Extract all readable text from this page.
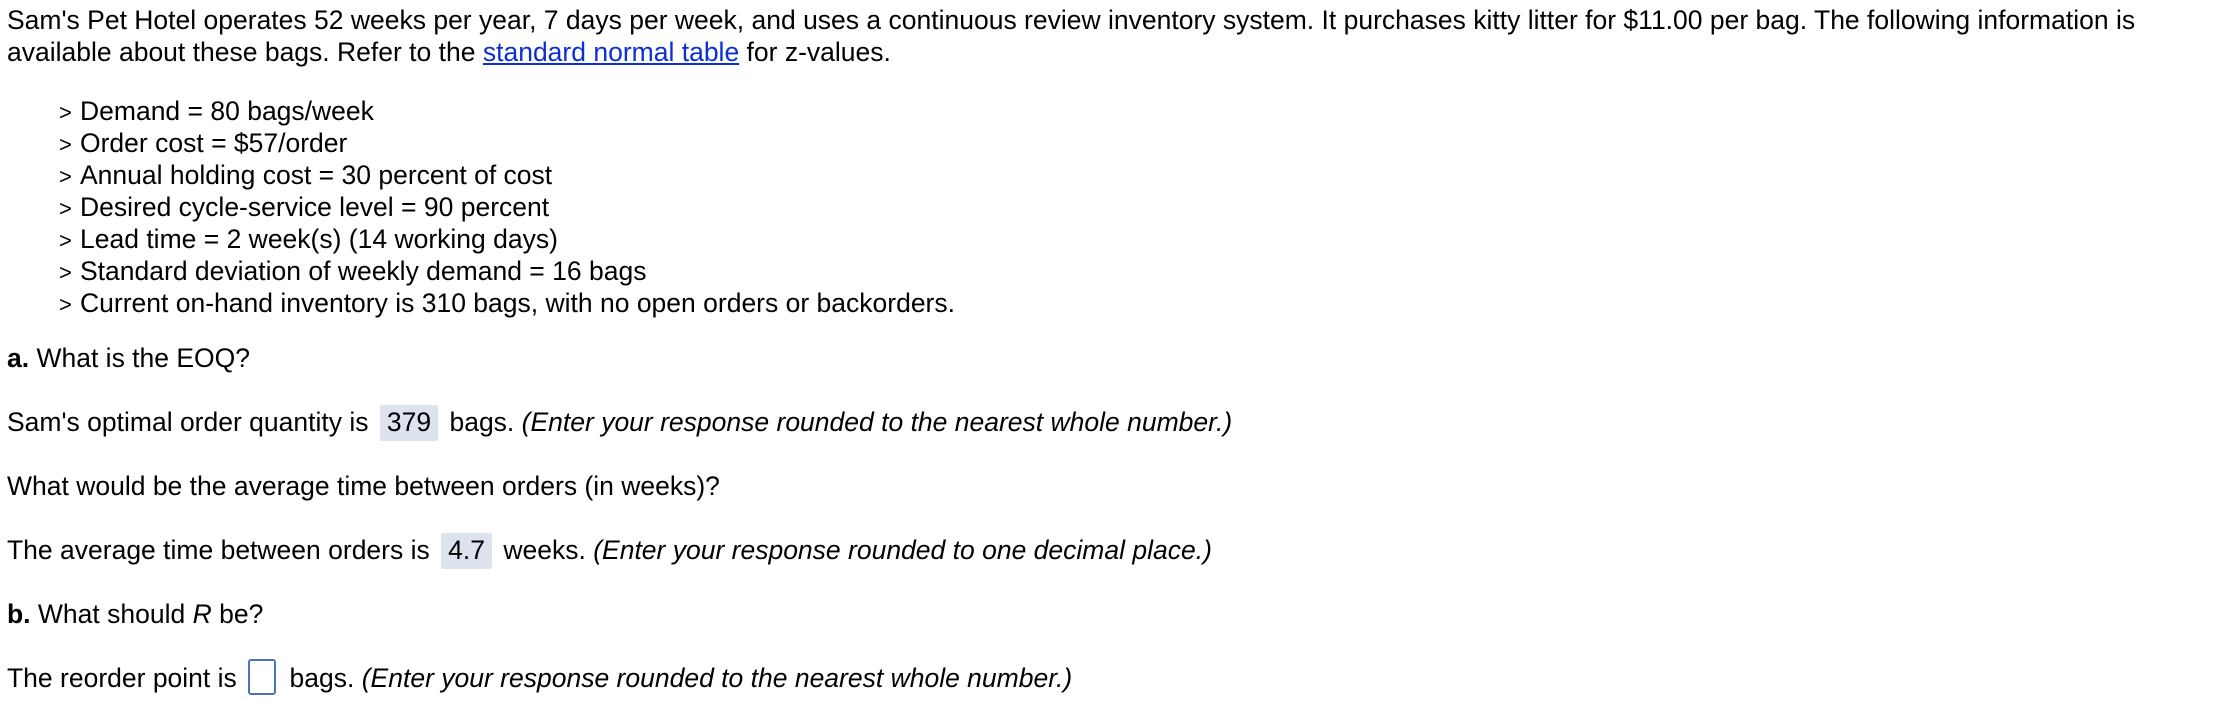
Sam's Pet Hotel operates 52 weeks per year, 7 days per week, and uses a continuous review inventory system. It purchases kitty litter for $11.00 per bag. The following information is available about these bags. Refer to the standard normal table for z-values.

> Demand = 80 bags/week
> Order cost = $57/order
> Annual holding cost = 30 percent of cost
> Desired cycle-service level = 90 percent
> Lead time = 2 week(s) (14 working days)
> Standard deviation of weekly demand = 16 bags
> Current on-hand inventory is 310 bags, with no open orders or backorders.

a. What is the EOQ?

Sam's optimal order quantity is 379 bags. (Enter your response rounded to the nearest whole number.)

What would be the average time between orders (in weeks)?

The average time between orders is 4.7 weeks. (Enter your response rounded to one decimal place.)

b. What should R be?

The reorder point is bags. (Enter your response rounded to the nearest whole number.)
